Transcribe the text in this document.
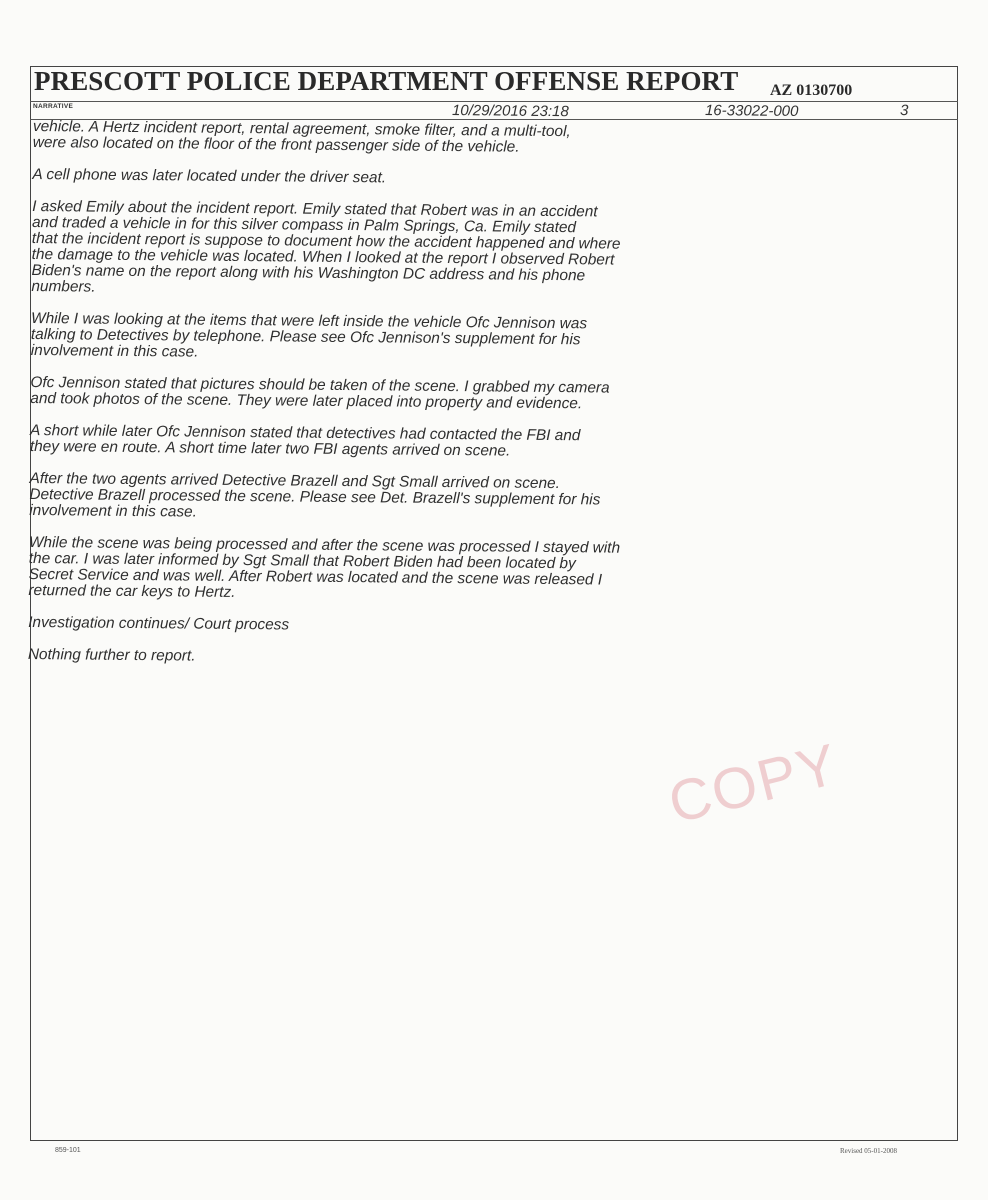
PRESCOTT POLICE DEPARTMENT OFFENSE REPORT AZ 0130700
NARRATIVE	10/29/2016 23:18	16-33022-000	3

vehicle. A Hertz incident report, rental agreement, smoke filter, and a multi-tool,
were also located on the floor of the front passenger side of the vehicle.

A cell phone was later located under the driver seat.

I asked Emily about the incident report. Emily stated that Robert was in an accident
and traded a vehicle in for this silver compass in Palm Springs, Ca. Emily stated
that the incident report is suppose to document how the accident happened and where
the damage to the vehicle was located. When I looked at the report I observed Robert
Biden's name on the report along with his Washington DC address and his phone
numbers.

While I was looking at the items that were left inside the vehicle Ofc Jennison was
talking to Detectives by telephone. Please see Ofc Jennison's supplement for his
involvement in this case.

Ofc Jennison stated that pictures should be taken of the scene. I grabbed my camera
and took photos of the scene. They were later placed into property and evidence.

A short while later Ofc Jennison stated that detectives had contacted the FBI and
they were en route. A short time later two FBI agents arrived on scene.

After the two agents arrived Detective Brazell and Sgt Small arrived on scene.
Detective Brazell processed the scene. Please see Det. Brazell's supplement for his
involvement in this case.

While the scene was being processed and after the scene was processed I stayed with
the car. I was later informed by Sgt Small that Robert Biden had been located by
Secret Service and was well. After Robert was located and the scene was released I
returned the car keys to Hertz.

Investigation continues/ Court process

Nothing further to report.

COPY
859-101	Revised 05-01-2008
